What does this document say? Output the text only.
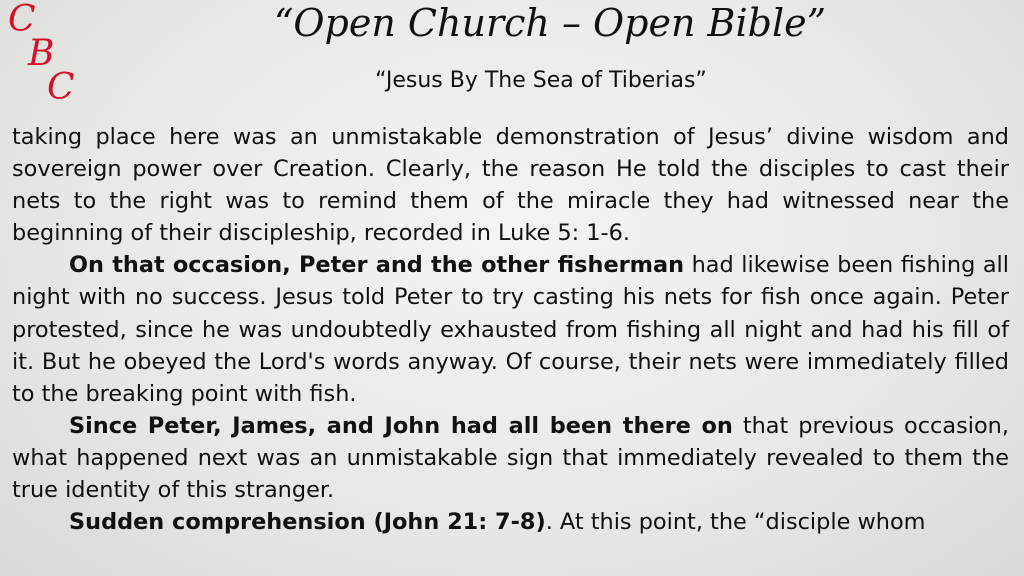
C
B
C
“Open Church – Open Bible”
“Jesus By The Sea of Tiberias”

taking place here was an unmistakable demonstration of Jesus’ divine wisdom and sovereign power over Creation. Clearly, the reason He told the disciples to cast their nets to the right was to remind them of the miracle they had witnessed near the beginning of their discipleship, recorded in Luke 5: 1-6.

On that occasion, Peter and the other fisherman had likewise been fishing all night with no success. Jesus told Peter to try casting his nets for fish once again. Peter protested, since he was undoubtedly exhausted from fishing all night and had his fill of it. But he obeyed the Lord's words anyway. Of course, their nets were immediately filled to the breaking point with fish.

Since Peter, James, and John had all been there on that previous occasion, what happened next was an unmistakable sign that immediately revealed to them the true identity of this stranger.

Sudden comprehension (John 21: 7-8). At this point, the “disciple whom
